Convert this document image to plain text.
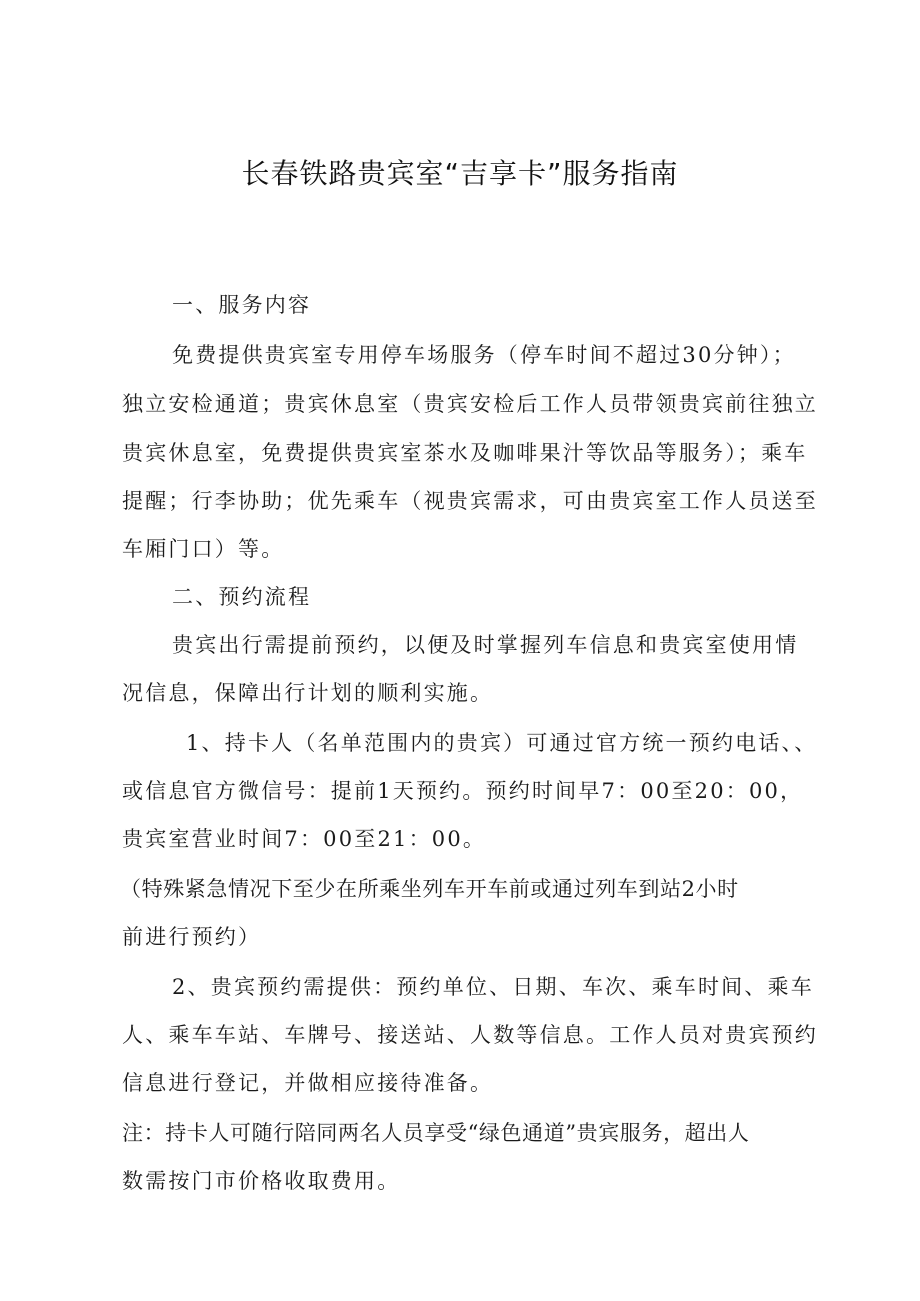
长春铁路贵宾室“吉享卡”服务指南
一、服务内容
免费提供贵宾室专用停车场服务（停车时间不超过30分钟）；
独立安检通道；贵宾休息室（贵宾安检后工作人员带领贵宾前往独立
贵宾休息室，免费提供贵宾室茶水及咖啡果汁等饮品等服务）；乘车
提醒；行李协助；优先乘车（视贵宾需求，可由贵宾室工作人员送至
车厢门口）等。
二、预约流程
贵宾出行需提前预约，以便及时掌握列车信息和贵宾室使用情
况信息，保障出行计划的顺利实施。
1、持卡人（名单范围内的贵宾）可通过官方统一预约电话、、
或信息官方微信号：提前1天预约。预约时间早7：00至20：00，
贵宾室营业时间7：00至21：00。
（特殊紧急情况下至少在所乘坐列车开车前或通过列车到站2小时
前进行预约）
2、贵宾预约需提供：预约单位、日期、车次、乘车时间、乘车
人、乘车车站、车牌号、接送站、人数等信息。工作人员对贵宾预约
信息进行登记，并做相应接待准备。
注：持卡人可随行陪同两名人员享受“绿色通道”贵宾服务，超出人
数需按门市价格收取费用。
